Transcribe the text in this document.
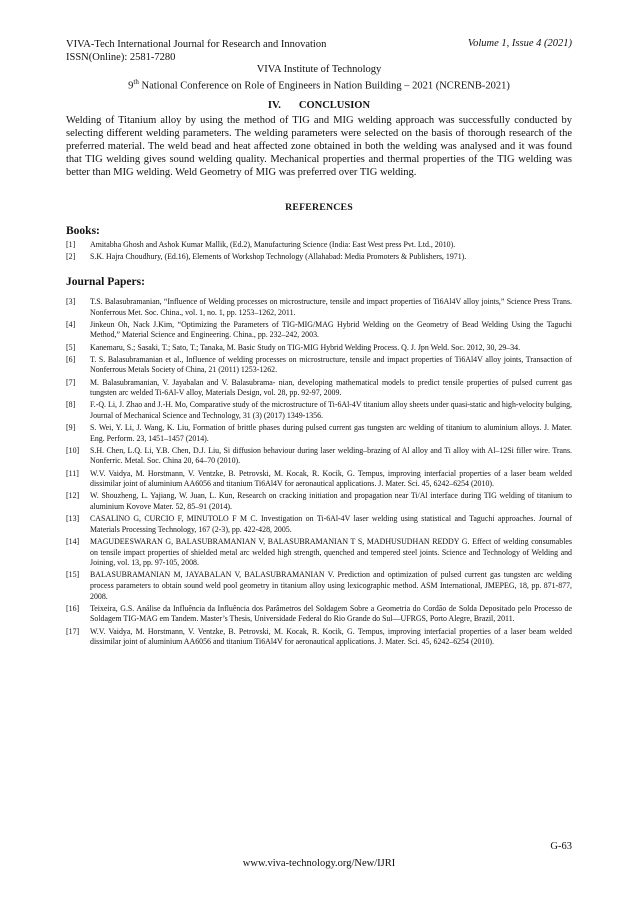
VIVA-Tech International Journal for Research and Innovation
ISSN(Online): 2581-7280
Volume 1, Issue 4 (2021)
VIVA Institute of Technology
9th National Conference on Role of Engineers in Nation Building – 2021 (NCRENB-2021)
IV. CONCLUSION
Welding of Titanium alloy by using the method of TIG and MIG welding approach was successfully conducted by selecting different welding parameters. The welding parameters were selected on the basis of thorough research of the preferred material. The weld bead and heat affected zone obtained in both the welding was analysed and it was found that TIG welding gives sound welding quality. Mechanical properties and thermal properties of the TIG welding was better than MIG welding. Weld Geometry of MIG was preferred over TIG welding.
REFERENCES
Books:
[1]	Amitabha Ghosh and Ashok Kumar Mallik, (Ed.2), Manufacturing Science (India: East West press Pvt. Ltd., 2010).
[2]	S.K. Hajra Choudhury, (Ed.16), Elements of Workshop Technology (Allahabad: Media Promoters & Publishers, 1971).
Journal Papers:
[3]	T.S. Balasubramanian, “Influence of Welding processes on microstructure, tensile and impact properties of Ti6Al4V alloy joints,” Science Press Trans. Nonferrous Met. Soc. China., vol. 1, no. 1, pp. 1253–1262, 2011.
[4]	Jinkeun Oh, Nack J.Kim, “Optimizing the Parameters of TIG-MIG/MAG Hybrid Welding on the Geometry of Bead Welding Using the Taguchi Method,” Material Science and Engineering. China., pp. 232–242, 2003.
[5]	Kanemaru, S.; Sasaki, T.; Sato, T.; Tanaka, M. Basic Study on TIG-MIG Hybrid Welding Process. Q. J. Jpn Weld. Soc. 2012, 30, 29–34.
[6]	T. S. Balasubramanian et al., Influence of welding processes on microstructure, tensile and impact properties of Ti6Al4V alloy joints, Transaction of Nonferrous Metals Society of China, 21 (2011) 1253-1262.
[7]	M. Balasubramanian, V. Jayabalan and V. Balasubrama- nian, developing mathematical models to predict tensile properties of pulsed current gas tungsten arc welded Ti-6Al-V alloy, Materials Design, vol. 28, pp. 92-97, 2009.
[8]	F.-Q. Li, J. Zhao and J.-H. Mo, Comparative study of the microstructure of Ti-6Al-4V titanium alloy sheets under quasi-static and high-velocity bulging, Journal of Mechanical Science and Technology, 31 (3) (2017) 1349-1356.
[9]	S. Wei, Y. Li, J. Wang, K. Liu, Formation of brittle phases during pulsed current gas tungsten arc welding of titanium to aluminium alloys. J. Mater. Eng. Perform. 23, 1451–1457 (2014).
[10]	S.H. Chen, L.Q. Li, Y.B. Chen, D.J. Liu, Si diffusion behaviour during laser welding–brazing of Al alloy and Ti alloy with Al–12Si filler wire. Trans. Nonferric. Metal. Soc. China 20, 64–70 (2010).
[11]	W.V. Vaidya, M. Horstmann, V. Ventzke, B. Petrovski, M. Kocak, R. Kocik, G. Tempus, improving interfacial properties of a laser beam welded dissimilar joint of aluminium AA6056 and titanium Ti6Al4V for aeronautical applications. J. Mater. Sci. 45, 6242–6254 (2010).
[12]	W. Shouzheng, L. Yajiang, W. Juan, L. Kun, Research on cracking initiation and propagation near Ti/Al interface during TIG welding of titanium to aluminium Kovove Mater. 52, 85–91 (2014).
[13]	CASALINO G, CURCIO F, MINUTOLO F M C. Investigation on Ti-6Al-4V laser welding using statistical and Taguchi approaches. Journal of Materials Processing Technology, 167 (2-3), pp. 422-428, 2005.
[14]	MAGUDEESWARAN G, BALASUBRAMANIAN V, BALASUBRAMANIAN T S, MADHUSUDHAN REDDY G. Effect of welding consumables on tensile impact properties of shielded metal arc welded high strength, quenched and tempered steel joints. Science and Technology of Welding and Joining, vol. 13, pp. 97-105, 2008.
[15]	BALASUBRAMANIAN M, JAYABALAN V, BALASUBRAMANIAN V. Prediction and optimization of pulsed current gas tungsten arc welding process parameters to obtain sound weld pool geometry in titanium alloy using lexicographic method. ASM International, JMEPEG, 18, pp. 871-877, 2008.
[16]	Teixeira, G.S. Análise da Influência da Influência dos Parâmetros del Soldagem Sobre a Geometria do Cordão de Solda Depositado pelo Processo de Soldagem TIG-MAG em Tandem. Master’s Thesis, Universidade Federal do Rio Grande do Sul—UFRGS, Porto Alegre, Brazil, 2011.
[17]	W.V. Vaidya, M. Horstmann, V. Ventzke, B. Petrovski, M. Kocak, R. Kocik, G. Tempus, improving interfacial properties of a laser beam welded dissimilar joint of aluminium AA6056 and titanium Ti6Al4V for aeronautical applications. J. Mater. Sci. 45, 6242–6254 (2010).
G-63
www.viva-technology.org/New/IJRI
